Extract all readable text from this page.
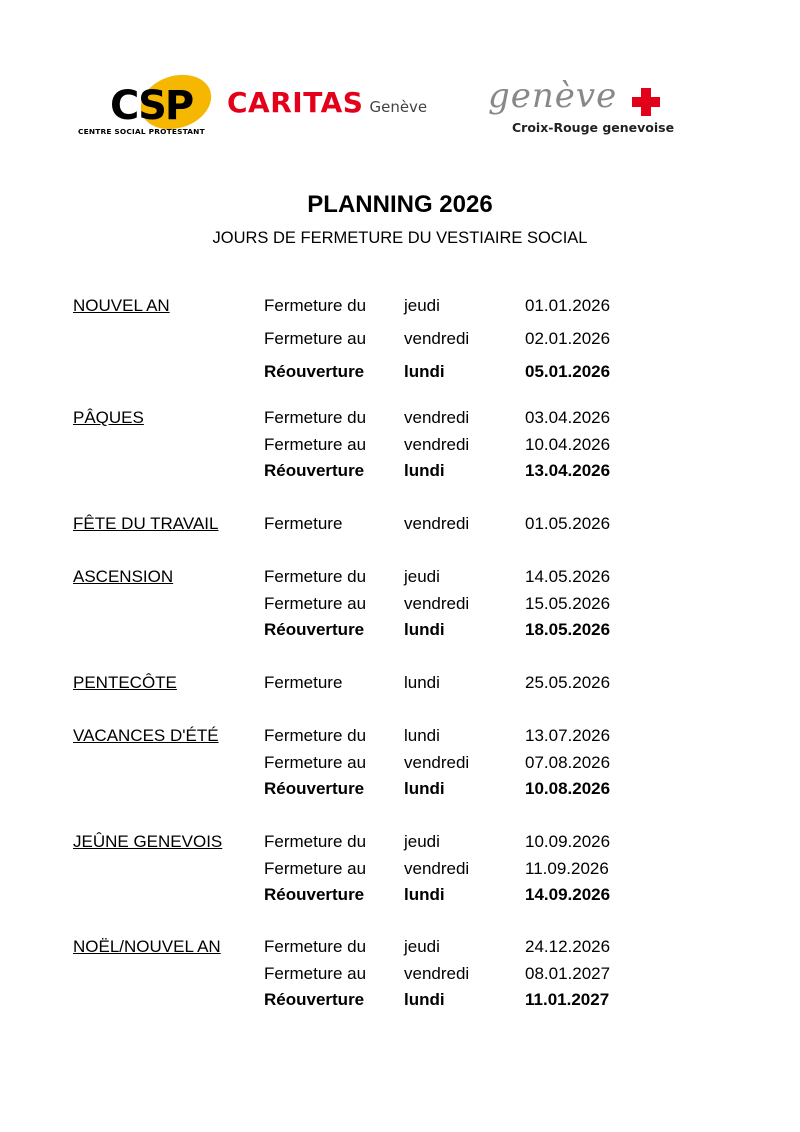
CSP
CENTRE SOCIAL PROTESTANT
CARITAS Genève genève
Croix-Rouge genevoise
PLANNING 2026

JOURS DE FERMETURE DU VESTIAIRE SOCIAL

NOUVEL AN	Fermeture du jeudi	01.01.2026
Fermeture au vendredi	02.01.2026
Réouverture lundi	05.01.2026
PÂQUES	Fermeture du vendredi	03.04.2026
Fermeture au vendredi	10.04.2026
Réouverture lundi	13.04.2026
FÊTE DU TRAVAIL	Fermeture	vendredi	01.05.2026
ASCENSION	Fermeture du jeudi	14.05.2026
Fermeture au vendredi	15.05.2026
Réouverture lundi	18.05.2026
PENTECÔTE	Fermeture	lundi	25.05.2026
VACANCES D'ÉTÉ	Fermeture du lundi	13.07.2026
Fermeture au vendredi	07.08.2026
Réouverture lundi	10.08.2026
JEÛNE GENEVOIS Fermeture du jeudi	10.09.2026
Fermeture au vendredi	11.09.2026
Réouverture lundi	14.09.2026
NOËL/NOUVEL AN	Fermeture du jeudi	24.12.2026
Fermeture au vendredi	08.01.2027
Réouverture lundi	11.01.2027
